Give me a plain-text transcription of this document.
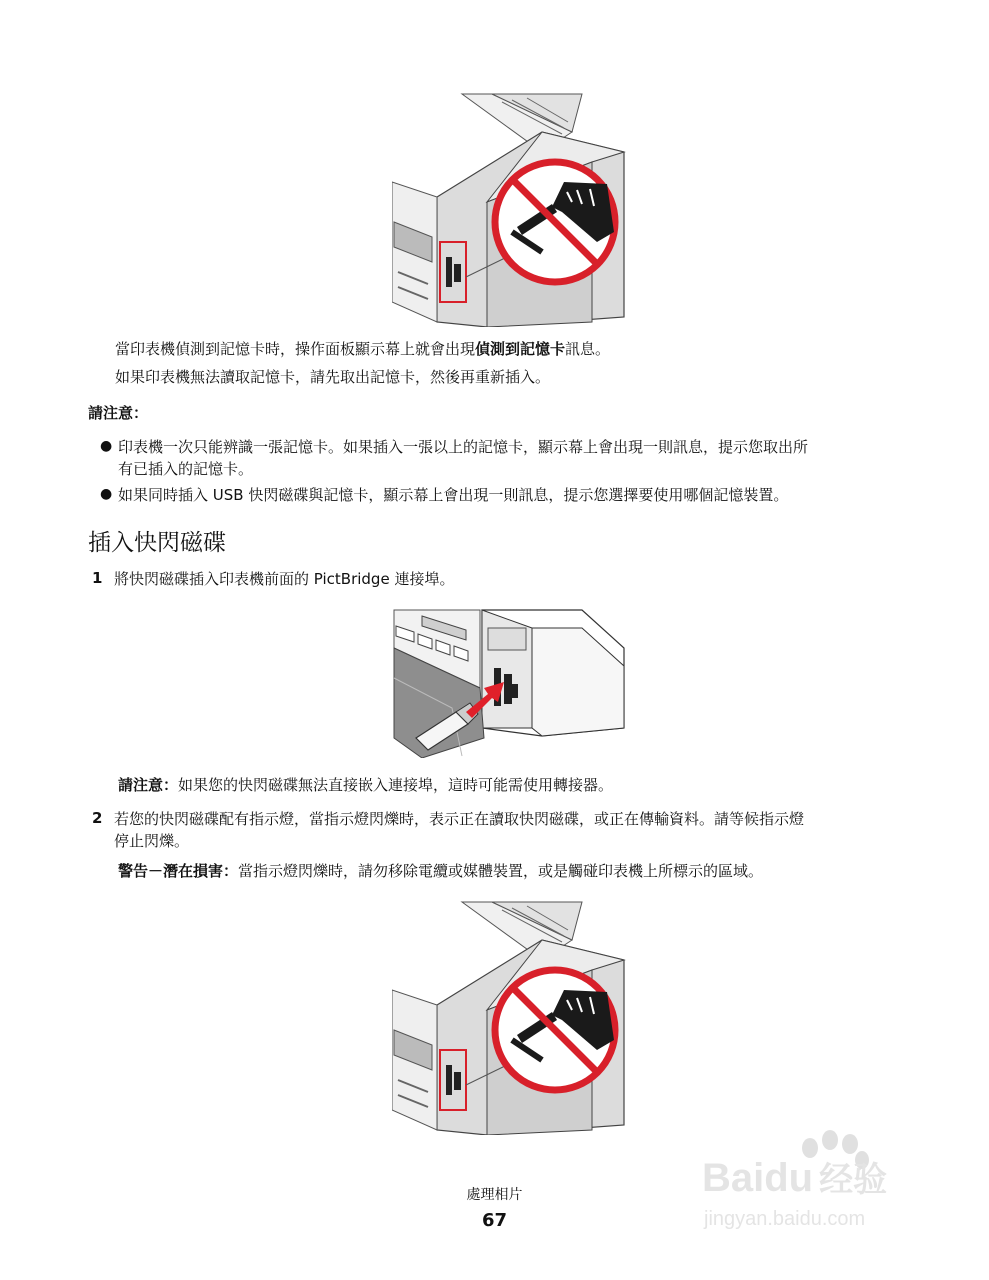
當印表機偵測到記憶卡時，操作面板顯示幕上就會出現偵測到記憶卡訊息。
如果印表機無法讀取記憶卡，請先取出記憶卡，然後再重新插入。
請注意：
● 印表機一次只能辨識一張記憶卡。如果插入一張以上的記憶卡，顯示幕上會出現一則訊息，提示您取出所
有已插入的記憶卡。
● 如果同時插入 USB 快閃磁碟與記憶卡，顯示幕上會出現一則訊息，提示您選擇要使用哪個記憶裝置。
插入快閃磁碟
1 將快閃磁碟插入印表機前面的 PictBridge 連接埠。
請注意：如果您的快閃磁碟無法直接嵌入連接埠，這時可能需使用轉接器。
2 若您的快閃磁碟配有指示燈，當指示燈閃爍時，表示正在讀取快閃磁碟，或正在傳輸資料。請等候指示燈
停止閃爍。
警告－潛在損害：當指示燈閃爍時，請勿移除電纜或媒體裝置，或是觸碰印表機上所標示的區域。
處理相片
67
Baidu 经验
jingyan.baidu.com
